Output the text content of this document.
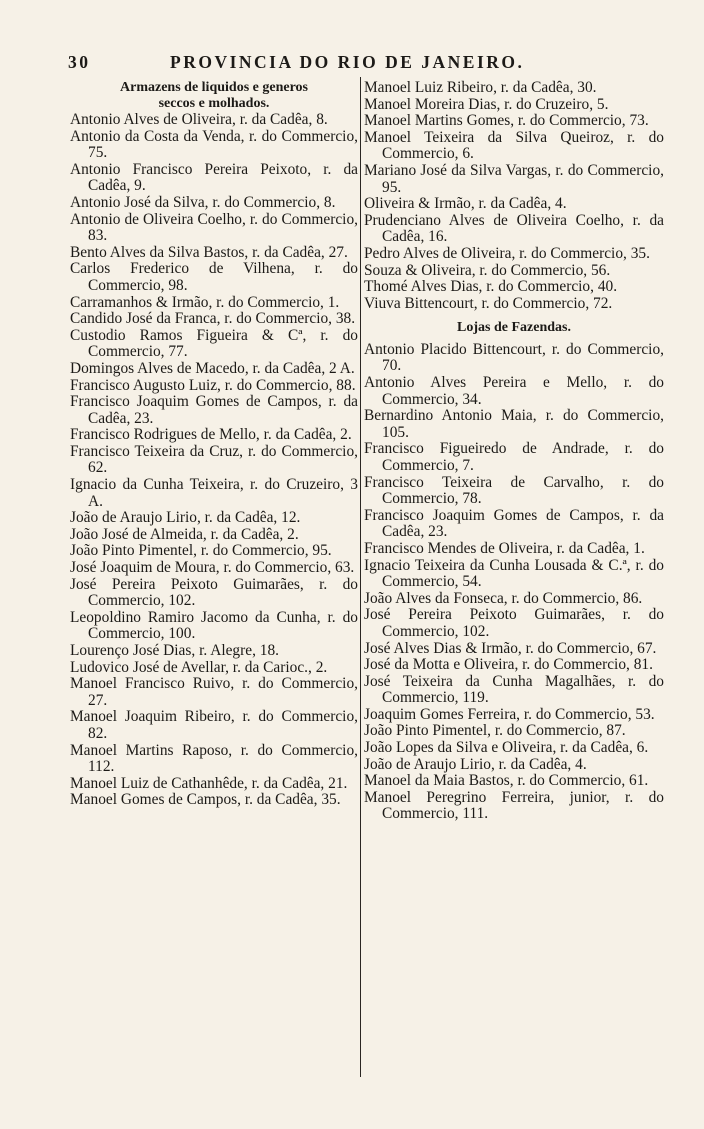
30	PROVINCIA DO RIO DE JANEIRO.
Armazens de liquidos e generos
seccos e molhados.
Antonio Alves de Oliveira, r. da Cadêa, 8.
Antonio da Costa da Venda, r. do Commercio, 75.
Antonio Francisco Pereira Peixoto, r. da Cadêa, 9.
Antonio José da Silva, r. do Commercio, 8.
Antonio de Oliveira Coelho, r. do Commercio, 83.
Bento Alves da Silva Bastos, r. da Cadêa, 27.
Carlos Frederico de Vilhena, r. do Commercio, 98.
Carramanhos & Irmão, r. do Commercio, 1.
Candido José da Franca, r. do Commercio, 38.
Custodio Ramos Figueira & Cª, r. do Commercio, 77.
Domingos Alves de Macedo, r. da Cadêa, 2 A.
Francisco Augusto Luiz, r. do Commercio, 88.
Francisco Joaquim Gomes de Campos, r. da Cadêa, 23.
Francisco Rodrigues de Mello, r. da Cadêa, 2.
Francisco Teixeira da Cruz, r. do Commercio, 62.
Ignacio da Cunha Teixeira, r. do Cruzeiro, 3 A.
João de Araujo Lirio, r. da Cadêa, 12.
João José de Almeida, r. da Cadêa, 2.
João Pinto Pimentel, r. do Commercio, 95.
José Joaquim de Moura, r. do Commercio, 63.
José Pereira Peixoto Guimarães, r. do Commercio, 102.
Leopoldino Ramiro Jacomo da Cunha, r. do Commercio, 100.
Lourenço José Dias, r. Alegre, 18.
Ludovico José de Avellar, r. da Carioc., 2.
Manoel Francisco Ruivo, r. do Commercio, 27.
Manoel Joaquim Ribeiro, r. do Commercio, 82.
Manoel Martins Raposo, r. do Commercio, 112.
Manoel Luiz de Cathanhêde, r. da Cadêa, 21.
Manoel Gomes de Campos, r. da Cadêa, 35.
Manoel Luiz Ribeiro, r. da Cadêa, 30.
Manoel Moreira Dias, r. do Cruzeiro, 5.
Manoel Martins Gomes, r. do Commercio, 73.
Manoel Teixeira da Silva Queiroz, r. do Commercio, 6.
Mariano José da Silva Vargas, r. do Commercio, 95.
Oliveira & Irmão, r. da Cadêa, 4.
Prudenciano Alves de Oliveira Coelho, r. da Cadêa, 16.
Pedro Alves de Oliveira, r. do Commercio, 35.
Souza & Oliveira, r. do Commercio, 56.
Thomé Alves Dias, r. do Commercio, 40.
Viuva Bittencourt, r. do Commercio, 72.
Lojas de Fazendas.
Antonio Placido Bittencourt, r. do Commercio, 70.
Antonio Alves Pereira e Mello, r. do Commercio, 34.
Bernardino Antonio Maia, r. do Commercio, 105.
Francisco Figueiredo de Andrade, r. do Commercio, 7.
Francisco Teixeira de Carvalho, r. do Commercio, 78.
Francisco Joaquim Gomes de Campos, r. da Cadêa, 23.
Francisco Mendes de Oliveira, r. da Cadêa, 1.
Ignacio Teixeira da Cunha Lousada & C.ª, r. do Commercio, 54.
João Alves da Fonseca, r. do Commercio, 86.
José Pereira Peixoto Guimarães, r. do Commercio, 102.
José Alves Dias & Irmão, r. do Commercio, 67.
José da Motta e Oliveira, r. do Commercio, 81.
José Teixeira da Cunha Magalhães, r. do Commercio, 119.
Joaquim Gomes Ferreira, r. do Commercio, 53.
João Pinto Pimentel, r. do Commercio, 87.
João Lopes da Silva e Oliveira, r. da Cadêa, 6.
João de Araujo Lirio, r. da Cadêa, 4.
Manoel da Maia Bastos, r. do Commercio, 61.
Manoel Peregrino Ferreira, junior, r. do Commercio, 111.
